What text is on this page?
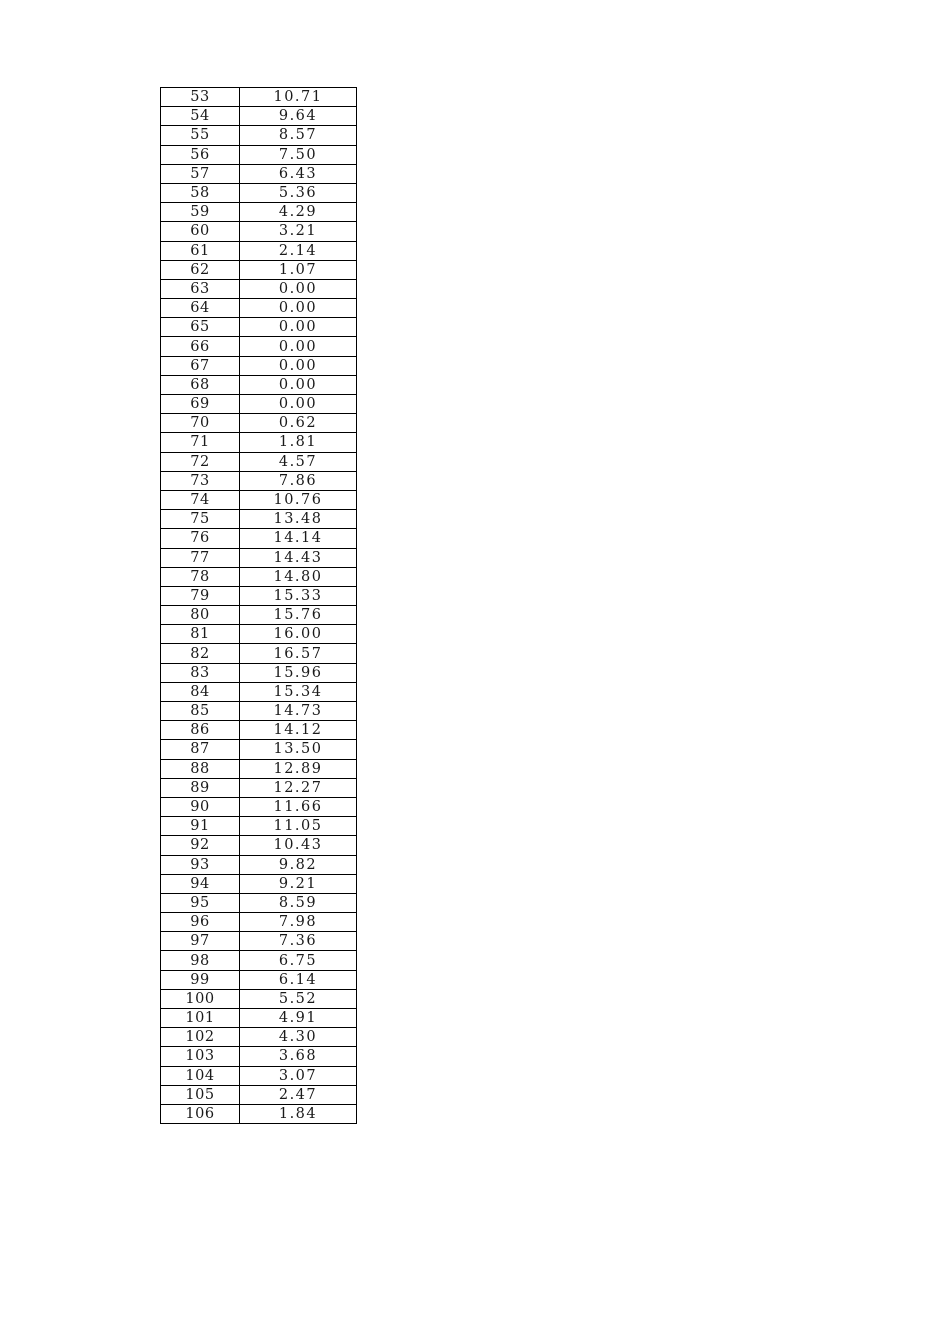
53	10.71
54	9.64
55	8.57
56	7.50
57	6.43
58	5.36
59	4.29
60	3.21
61	2.14
62	1.07
63	0.00
64	0.00
65	0.00
66	0.00
67	0.00
68	0.00
69	0.00
70	0.62
71	1.81
72	4.57
73	7.86
74	10.76
75	13.48
76	14.14
77	14.43
78	14.80
79	15.33
80	15.76
81	16.00
82	16.57
83	15.96
84	15.34
85	14.73
86	14.12
87	13.50
88	12.89
89	12.27
90	11.66
91	11.05
92	10.43
93	9.82
94	9.21
95	8.59
96	7.98
97	7.36
98	6.75
99	6.14
100	5.52
101	4.91
102	4.30
103	3.68
104	3.07
105	2.47
106	1.84
